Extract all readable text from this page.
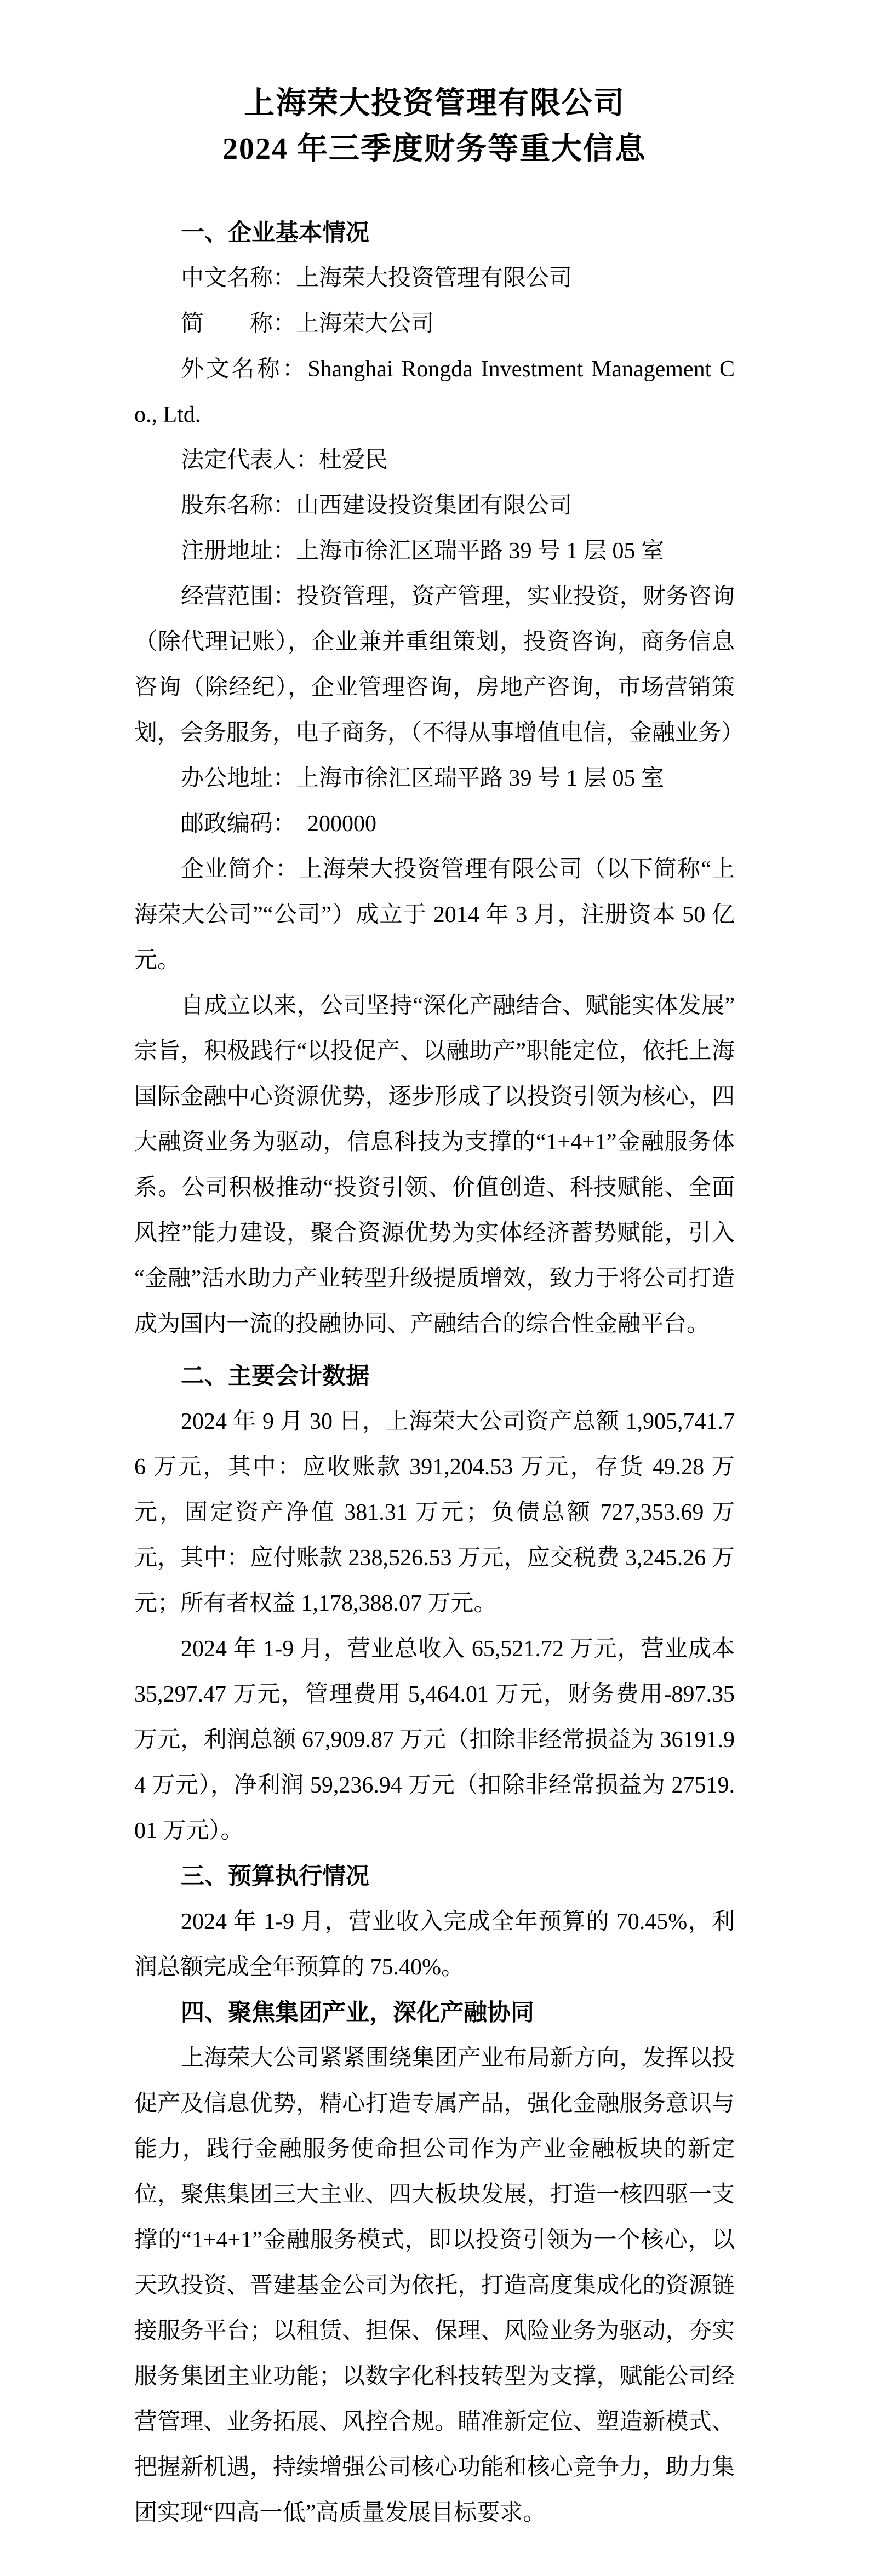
上海荣大投资管理有限公司
2024 年三季度财务等重大信息
一、企业基本情况

中文名称：上海荣大投资管理有限公司

简　　称：上海荣大公司

外文名称：Shanghai Rongda Investment Management Co., Ltd.

法定代表人：杜爱民

股东名称：山西建设投资集团有限公司

注册地址：上海市徐汇区瑞平路 39 号 1 层 05 室

经营范围：投资管理，资产管理，实业投资，财务咨询（除代理记账），企业兼并重组策划，投资咨询，商务信息咨询（除经纪），企业管理咨询，房地产咨询，市场营销策划，会务服务，电子商务，（不得从事增值电信，金融业务）

办公地址：上海市徐汇区瑞平路 39 号 1 层 05 室

邮政编码：  200000

企业简介：上海荣大投资管理有限公司（以下简称“上海荣大公司”“公司”）成立于 2014 年 3 月，注册资本 50 亿元。

自成立以来，公司坚持“深化产融结合、赋能实体发展”宗旨，积极践行“以投促产、以融助产”职能定位，依托上海国际金融中心资源优势，逐步形成了以投资引领为核心，四大融资业务为驱动，信息科技为支撑的“1+4+1”金融服务体系。公司积极推动“投资引领、价值创造、科技赋能、全面风控”能力建设，聚合资源优势为实体经济蓄势赋能，引入“金融”活水助力产业转型升级提质增效，致力于将公司打造成为国内一流的投融协同、产融结合的综合性金融平台。

二、主要会计数据

2024 年 9 月 30 日，上海荣大公司资产总额 1,905,741.76 万元，其中：应收账款 391,204.53 万元，存货 49.28 万元，固定资产净值 381.31 万元；负债总额 727,353.69 万元，其中：应付账款 238,526.53 万元，应交税费 3,245.26 万元；所有者权益 1,178,388.07 万元。

2024 年 1-9 月，营业总收入 65,521.72 万元，营业成本 35,297.47 万元，管理费用 5,464.01 万元，财务费用-897.35 万元，利润总额 67,909.87 万元（扣除非经常损益为 36191.94 万元），净利润 59,236.94 万元（扣除非经常损益为 27519.01 万元）。

三、预算执行情况

2024 年 1-9 月，营业收入完成全年预算的 70.45%，利润总额完成全年预算的 75.40%。

四、聚焦集团产业，深化产融协同

上海荣大公司紧紧围绕集团产业布局新方向，发挥以投促产及信息优势，精心打造专属产品，强化金融服务意识与能力，践行金融服务使命担公司作为产业金融板块的新定位，聚焦集团三大主业、四大板块发展，打造一核四驱一支撑的“1+4+1”金融服务模式，即以投资引领为一个核心，以天玖投资、晋建基金公司为依托，打造高度集成化的资源链接服务平台；以租赁、担保、保理、风险业务为驱动，夯实服务集团主业功能；以数字化科技转型为支撑，赋能公司经营管理、业务拓展、风控合规。瞄准新定位、塑造新模式、把握新机遇，持续增强公司核心功能和核心竞争力，助力集团实现“四高一低”高质量发展目标要求。
